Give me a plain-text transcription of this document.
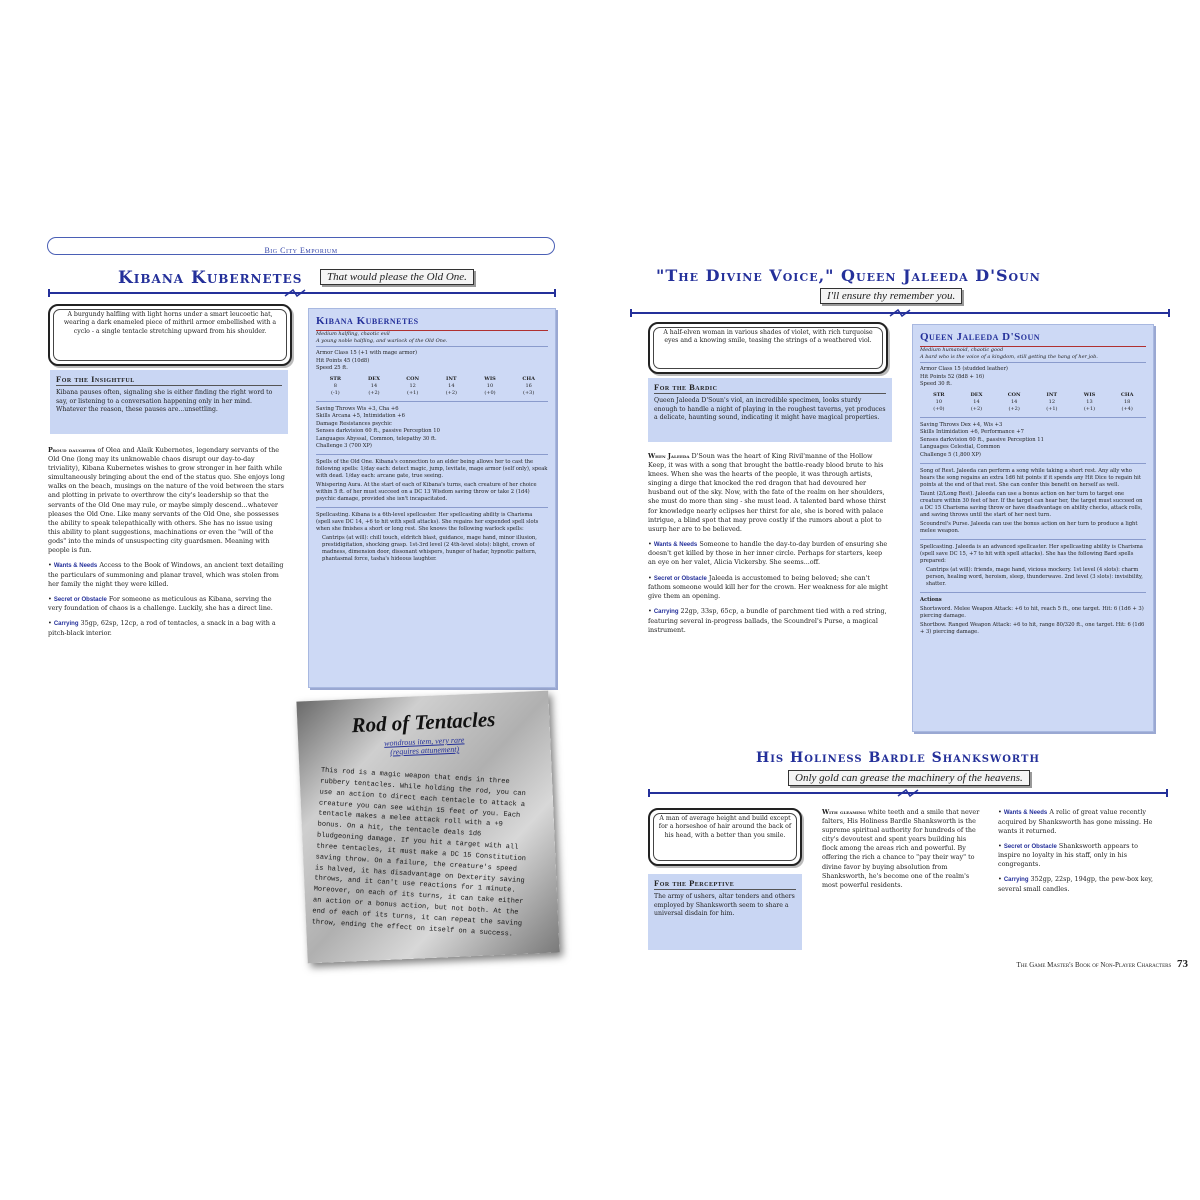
Big City Emporium
Kibana Kubernetes	That would please the Old One.
A burgundy halfling with light horns under a smart leucoetic hat, wearing a dark enameled piece of mithril armor embellished with a cyclo - a single tentacle stretching upward from his shoulder.
For the Insightful
Kibana pauses often, signaling she is either finding the right word to say, or listening to a conversation happening only in her mind. Whatever the reason, these pauses are...unsettling.

Proud daughter of Olea and Alaik Kubernetes, legendary servants of the Old One (long may its unknowable chaos disrupt our day-to-day triviality), Kibana Kubernetes wishes to grow stronger in her faith while simultaneously bringing about the end of the status quo. She enjoys long walks on the beach, musings on the nature of the void between the stars and plotting in private to overthrow the city's leadership so that the servants of the Old One may rule, or maybe simply descend...whatever pleases the Old One. Like many servants of the Old One, she possesses the ability to speak telepathically with others. She has no issue using this ability to plant suggestions, machinations or even the "will of the gods" into the minds of unsuspecting city guardsmen. Meaning with people is fun.

• Wants & Needs Access to the Book of Windows, an ancient text detailing the particulars of summoning and planar travel, which was stolen from her family the night they were killed.

• Secret or Obstacle For someone as meticulous as Kibana, serving the very foundation of chaos is a challenge. Luckily, she has a direct line.

• Carrying 35gp, 62sp, 12cp, a rod of tentacles, a snack in a bag with a pitch-black interior.

Kibana Kubernetes
Medium halfling, chaotic evil
A young noble halfling, and warlock of the Old One.
Armor Class 15 (+1 with mage armor)
Hit Points 45 (10d8)
Speed 25 ft.
STR	DEX	CON	INT	WIS	CHA
8	14	12	14	10	16
(-1)	(+2)	(+1)	(+2)	(+0)	(+3)
Saving Throws Wis +3, Cha +6
Skills Arcana +5, Intimidation +6
Damage Resistances psychic
Senses darkvision 60 ft., passive Perception 10
Languages Abyssal, Common, telepathy 30 ft.
Challenge 3 (700 XP)
Spells of the Old One. Kibana's connection to an elder being allows her to cast the following spells: 1/day each: detect magic, jump, levitate, mage armor (self only), speak with dead. 1/day each: arcane gate, true seeing.
Whispering Aura. At the start of each of Kibana's turns, each creature of her choice within 5 ft. of her must succeed on a DC 13 Wisdom saving throw or take 2 (1d4) psychic damage, provided she isn't incapacitated.
Spellcasting. Kibana is a 6th-level spellcaster. Her spellcasting ability is Charisma (spell save DC 14, +6 to hit with spell attacks). She regains her expended spell slots when she finishes a short or long rest. She knows the following warlock spells:
Cantrips (at will): chill touch, eldritch blast, guidance, mage hand, minor illusion, prestidigitation, shocking grasp. 1st-3rd level (2 4th-level slots): blight, crown of madness, dimension door, dissonant whispers, hunger of hadar, hypnotic pattern, phantasmal force, tasha's hideous laughter.
Rod of Tentacles
wondrous item, very rare
(requires attunement)
This rod is a magic weapon that ends in three rubbery tentacles. While holding the rod, you can use an action to direct each tentacle to attack a creature you can see within 15 feet of you. Each tentacle makes a melee attack roll with a +9 bonus. On a hit, the tentacle deals 1d6 bludgeoning damage. If you hit a target with all three tentacles, it must make a DC 15 Constitution saving throw. On a failure, the creature's speed is halved, it has disadvantage on Dexterity saving throws, and it can't use reactions for 1 minute. Moreover, on each of its turns, it can take either an action or a bonus action, but not both. At the end of each of its turns, it can repeat the saving throw, ending the effect on itself on a success.
"The Divine Voice," Queen Jaleeda D'Soun
I'll ensure thy remember you.
A half-elven woman in various shades of violet, with rich turquoise eyes and a knowing smile, teasing the strings of a weathered viol.
For the Bardic
Queen Jaleeda D'Soun's viol, an incredible specimen, looks sturdy enough to handle a night of playing in the roughest taverns, yet produces a delicate, haunting sound, indicating it might have magical properties.

When Jaleeda D'Soun was the heart of King Rivil'manne of the Hollow Keep, it was with a song that brought the battle-ready blood brute to his knees. When she was the hearts of the people, it was through artists, singing a dirge that knocked the red dragon that had devoured her husband out of the sky. Now, with the fate of the realm on her shoulders, she must do more than sing - she must lead. A talented bard whose thirst for knowledge nearly eclipses her thirst for ale, she is bored with palace intrigue, a blind spot that may prove costly if the rumors about a plot to usurp her are to be believed.

• Wants & Needs Someone to handle the day-to-day burden of ensuring she doesn't get killed by those in her inner circle. Perhaps for starters, keep an eye on her valet, Alicia Vickersby. She seems...off.

• Secret or Obstacle Jaleeda is accustomed to being beloved; she can't fathom someone would kill her for the crown. Her weakness for ale might give them an opening.

• Carrying 22gp, 33sp, 65cp, a bundle of parchment tied with a red string, featuring several in-progress ballads, the Scoundrel's Purse, a magical instrument.

Queen Jaleeda D'Soun
Medium humanoid, chaotic good
A bard who is the voice of a kingdom, still getting the hang of her job.
Armor Class 15 (studded leather)
Hit Points 52 (8d8 + 16)
Speed 30 ft.
STR	DEX	CON	INT	WIS	CHA
10	14	14	12	13	18
(+0)	(+2)	(+2)	(+1)	(+1)	(+4)
Saving Throws Dex +4, Wis +3
Skills Intimidation +6, Performance +7
Senses darkvision 60 ft., passive Perception 11
Languages Celestial, Common
Challenge 5 (1,800 XP)
Song of Rest. Jaleeda can perform a song while taking a short rest. Any ally who hears the song regains an extra 1d6 hit points if it spends any Hit Dice to regain hit points at the end of that rest. She can confer this benefit on herself as well.
Taunt (2/Long Rest). Jaleeda can use a bonus action on her turn to target one creature within 30 feet of her. If the target can hear her, the target must succeed on a DC 15 Charisma saving throw or have disadvantage on ability checks, attack rolls, and saving throws until the start of her next turn.
Scoundrel's Purse. Jaleeda can use the bonus action on her turn to produce a light melee weapon.
Spellcasting. Jaleeda is an advanced spellcaster. Her spellcasting ability is Charisma (spell save DC 15, +7 to hit with spell attacks). She has the following Bard spells prepared:
Cantrips (at will): friends, mage hand, vicious mockery. 1st level (4 slots): charm person, healing word, heroism, sleep, thunderwave. 2nd level (3 slots): invisibility, shatter.
Actions
Shortsword. Melee Weapon Attack: +6 to hit, reach 5 ft., one target. Hit: 6 (1d6 + 3) piercing damage.
Shortbow. Ranged Weapon Attack: +6 to hit, range 80/320 ft., one target. Hit: 6 (1d6 + 3) piercing damage.
His Holiness Bardle Shanksworth
Only gold can grease the machinery of the heavens.
A man of average height and build except for a horseshoe of hair around the back of his head, with a better than you smile.
For the Perceptive
The army of ushers, altar tenders and others employed by Shanksworth seem to share a universal disdain for him.

With gleaming white teeth and a smile that never falters, His Holiness Bardle Shanksworth is the supreme spiritual authority for hundreds of the city's devoutest and spent years building his flock among the areas rich and powerful. By offering the rich a chance to "pay their way" to divine favor by buying absolution from Shanksworth, he's become one of the realm's most powerful residents.

• Wants & Needs A relic of great value recently acquired by Shanksworth has gone missing. He wants it returned.

• Secret or Obstacle Shanksworth appears to inspire no loyalty in his staff, only in his congregants.

• Carrying 352gp, 22sp, 194gp, the pew-box key, several small candles.

The Game Master's Book of Non-Player Characters 73
